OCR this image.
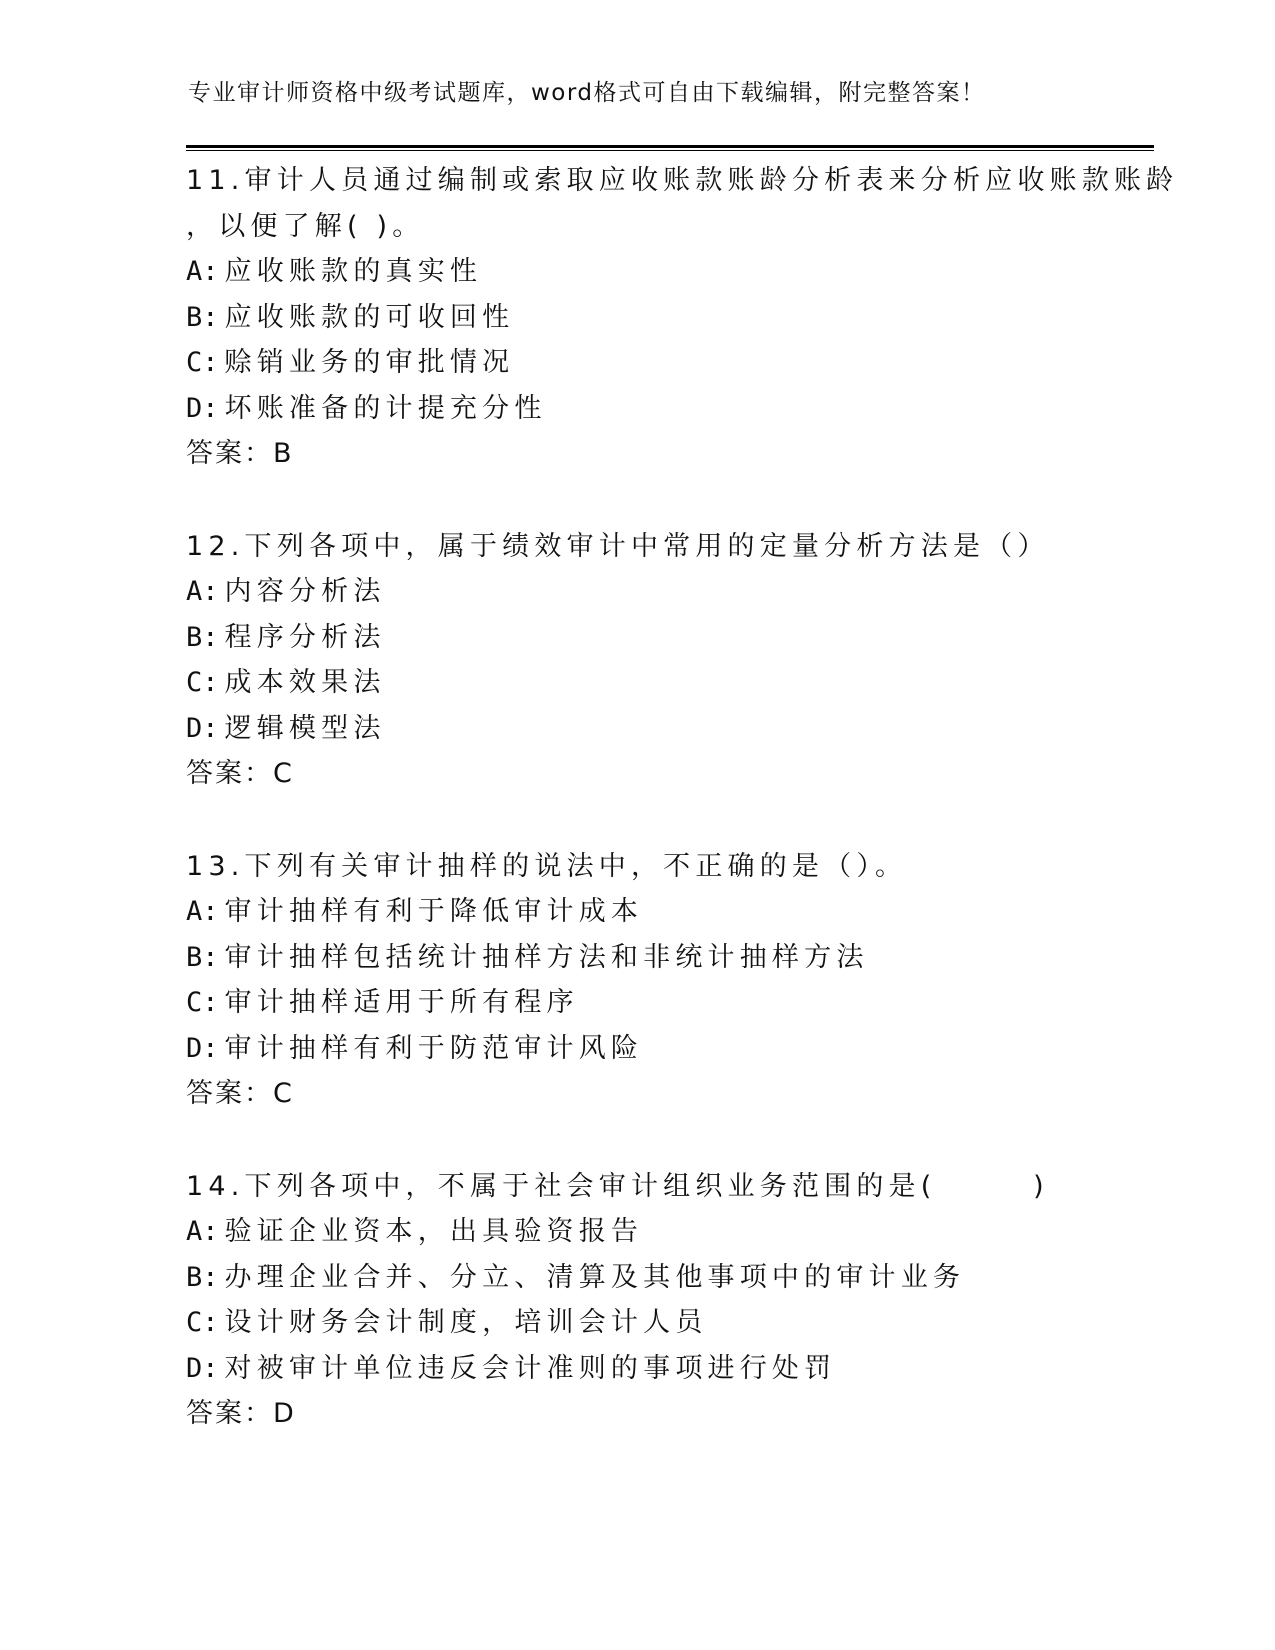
专业审计师资格中级考试题库，word格式可自由下载编辑，附完整答案！
11.审计人员通过编制或索取应收账款账龄分析表来分析应收账款账龄
，以便了解( )。
A: 应收账款的真实性
B: 应收账款的可收回性
C: 赊销业务的审批情况
D: 坏账准备的计提充分性
答案：B
12.下列各项中，属于绩效审计中常用的定量分析方法是（）
A: 内容分析法
B: 程序分析法
C: 成本效果法
D: 逻辑模型法
答案：C
13.下列有关审计抽样的说法中，不正确的是（）。
A: 审计抽样有利于降低审计成本
B: 审计抽样包括统计抽样方法和非统计抽样方法
C: 审计抽样适用于所有程序
D: 审计抽样有利于防范审计风险
答案：C
14.下列各项中，不属于社会审计组织业务范围的是(　　　)
A: 验证企业资本，出具验资报告
B: 办理企业合并、分立、清算及其他事项中的审计业务
C: 设计财务会计制度，培训会计人员
D: 对被审计单位违反会计准则的事项进行处罚
答案：D
